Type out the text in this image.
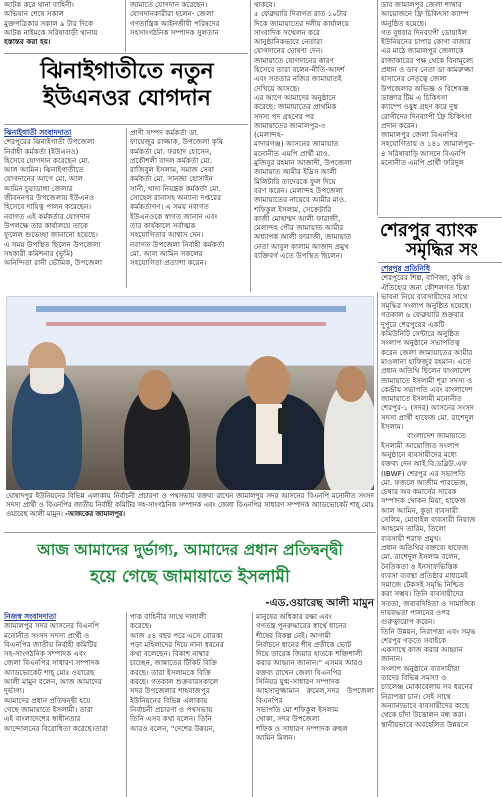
আটক করে থানা বাহিনী।
অভিযান শেষে সকাল
মুক্তপত্রিকার সকাল ৯ টার দিকে
আটক নাইমকে সরিষাবাড়ী থানায়
হস্তান্তর করা হয়।
জামাতে যোগদান করেছেন।
যোগদানকারীরা হলেন- জেলা
গণতান্ত্রিক আইনজীবী পরিষদের
সহসাংগঠনিক সম্পাদক সুলতান
ঝিনাইগাতীতে নতুন ইউএনওর যোগদান
ঝিনাইগাতী সংবাদদাতা
শেরপুরের ঝিনাইগাতী উপজেলা
নির্বাহী কর্মকর্তা (ইউএনও)
হিসেবে যোগদান করেছেন মো.
আল আমিন। ঝিনাইগাতীতে
যোগদানের আগে মো. আল
আমিন চুয়াডাঙ্গা জেলার
জীবননগর উপজেলায় ইউএনও
হিসেবে দায়িত্ব পালন করেছেন।
নবাগত এই কর্মকর্তার যোগদান
উপলক্ষে তার কার্যালয়ে তাকে
ফুলেল শুভেচ্ছা জানানো হয়েছে।
এ সময় উপস্থিত ছিলেন উপজেলা
সহকারী কমিশনার (ভূমি)
অনিন্দিতা রানী ভৌমিক, উপজেলা
প্রাণী সম্পদ কর্মকর্তা ডা.
ফায়েজুর রাজ্জাক, উপজেলা কৃষি
কর্মকর্তা মো. ফরহাদ হোসেন,
প্রকৌশলী বাদল কর্মকর্তা মো.
রাজিবুল ইসলাম, সমাজ সেবা
কর্মকর্তা মো. সানজা হোসাইন
সানী, খাদ্য নিয়ন্ত্রক কর্মকর্তা মো.
সোহেল রানাসহ অন্যান্য দপ্তরের
কর্মকর্তাগণ। এ সময় নবাগত
ইউএনওকে স্বাগত জানান এবং
তার কার্যকালে সর্বাত্মক
সহযোগিতার আশ্বাস দেন।
নবাগত উপজেলা নির্বাহী কর্মকর্তা
মো. আল আমিন সকলের
সহযোগিতা প্রত্যাশা করেন।
থাকবে।
৫ ফেব্রুয়ারি দিবাগত রাত ১০টার
দিকে জামায়াতের দলীয় কার্যালয়ে
সাংবাদিক সম্মেলন করে
আনুষ্ঠানিকভাবে নেতারা
যোগদানের ঘোষণা দেন।
জামায়াতে যোগদানের কারণ
হিসেবে তারা বলেন-নীতি-আদর্শ
এবং সততার নজির জামায়াতই
দেখিয়ে আসছে।
এর আগে আমাদের অনুষ্ঠানে
করেছে: জামায়াতের প্রাথমিক
সদস্য পদ গ্রহণের পর
জামায়াতের জামালপুর-৩
(মেলান্দহ-
মাদারগঞ্জ) আসনের জামায়াত
মনোনীত এমপি প্রার্থী মাও.
মুজিবুর রহমান আজাদী, উপজেলা
জামায়াত আমীর ইদ্রিস আলী
মিলিটারি তাদেরকে ফুল দিয়ে
বরণ করেন। মেলান্দহ উপজেলা
জামায়াতের নায়েবে আমীর মাও.
শফিকুল ইসলাম, সেক্রেটারি
কাজী মোহাম্মদ আলী ফারাজী,
মেলান্দহ পৌর জামায়াত আমীর
অধ্যাপক আলী ফারাজী, জামায়াত
নেতা আবুল কালাম আজাদ প্রমুখ
ব্যক্তিবর্গ এতে উপস্থিত ছিলেন।
ডাব জামালপুর জেলা শাখার
আয়োজনে ফ্রি চিকিৎসা ক্যাম্প
অনুষ্ঠিত হয়েছে।
গত বুধবার দিনব্যাপী ডোয়াইল
ইউনিয়নের চাপার কোণা বাজার
এর মাঠে জামালপুর জেলাকে
রাজাকারের পক্ষ থেকে বিনামূল্যে
প্রধান ও ডাব নেতা ডা কামরুজ্জা
হাসানের নেতৃত্বে জেলা
উপজেলার অভিজ্ঞ ও বিশেষজ্ঞ
ডাক্তার টিম এ চিকিৎসা
ক্যাম্পে ওষুধ গ্রহণ করে দুস্থ
রোগীদের দিনব্যাপী ফ্রি চিকিৎসা
প্রদান করেন।
জামালপুর জেলা বিএনপির
সহযোগিতায় ও ১৪১ জামালপুর-
৪ সরিষাবাড়ি আসনে বিএনপি
মনোনীত এমপি প্রার্থী ফরিদুল
শেরপুর ব্যাংক
সমৃদ্ধির সং
শেরপুর প্রতিনিধি
শেরপুরের শিল্প, বাণিজ্য, কৃষি ও
ঐতিহ্যের জন্য কৌশলগত চিন্তা
ভাবনা নিয়ে ব্যবসায়ীদের সাথে
সমৃদ্ধির সংলাপ অনুষ্ঠিত হয়েছে।
গতকাল ৬ ফেব্রুয়ারি শুক্রবার
দুপুরে শেরপুরের একটি
কমিউনিটি সেন্টারে অনুষ্ঠিত
সংলাপ অনুষ্ঠানে সভাপতিত্ব
করেন জেলা জামায়াতের আমীর
মাওলানা হাফিজুর রহমান। এতে
প্রধান অতিথি ছিলেন বাংলাদেশ
জামায়াতে ইসলামী শূরা সদস্য ও
কেন্দ্রীয় সভাপতি এবং বাংলাদেশ
জামায়াতে ইসলামী মনোনীত
শেরপুর-১ (সদর) আসনের সংসদ
সদস্য প্রার্থী হাফেজ মো. রাশেদুল
ইসলাম।
বাংলাদেশ জামায়াতে
ইসলামী আয়োজিত সংলাপ
অনুষ্ঠানে ব্যবসায়ীদের মধ্যে
বক্তব্য দেন আই.বি.ডব্লিউ.এফ
(IBWF) শেরপুর এর সভাপতি
মো. ফজলে আজীম পারভেজ,
চেম্বার অব কমার্সের সাবেক
সম্পাদক খোকন মিয়া, হাফেজ
আল আমিন, কুড়া ব্যবসায়ী
সেলিম, মোবাইল ব্যবসায়ী নিয়াজ
আহমেদ তারিম, তিলো
ব্যবসায়ী শরাফ প্রমুখ।
প্রধান অতিথির বক্তব্যে হাফেজ
মো. রাশেদুল ইসলাম বলেন,
নৈতিকতা ও ইনসাফভিত্তিক
ব্যবসা ব্যবস্থা প্রতিষ্ঠার মাধ্যমেই
সমাজে টেকসই সমৃদ্ধি নিশ্চিত
করা সম্ভব। তিনি ব্যবসায়ীদের
সততা, জবাবদিহিতা ও সামাজিক
দায়বদ্ধতা পালনের ওপর
গুরুত্বারোপ করেন।
তিনি উন্নয়ন, নিরাপত্তা এবং সমৃদ্ধ
শেরপুর গড়তে সবাইকে
একসাথে কাজ করার আহ্বান
জানান।
সংলাপ অনুষ্ঠানে ব্যবসায়ীরা
তাদের বিভিন্ন সমস্যা ও
চ্যালেঞ্জ মোকাবেলায় সব ধরনের
নিরাপত্তা চান। সেই সাথে
অন্যান্যভাবে ব্যবসায়ীদের কাছে
থেকে চাঁদা উত্তোলন বন্ধ করা।
স্থানীয়ভাবে অবহেলিত উন্নয়নে
ঘোষাদপুর ইউনিয়নের বিভিন্ন এলাকায় নির্বাচনী প্রচারণা ও পথসভায় বক্তব্য রাখেন জামালপুর সদর আসনের বিএনপি মনোনীত সংসদ সদস্য প্রার্থী ও বিএনপির জাতীয় নির্বাহী কমিটির সহ-সাংগঠনিক সম্পাদক এবং জেলা বিএনপির সাধারণ সম্পাদক অ্যাডভোকেট শাহ্ মোঃ ওয়ারেছ আলী মামুন। -আজকের জামালপুর।
আজ আমাদের দুর্ভাগ্য, আমাদের প্রধান প্রতিদ্বন্দ্বী
হয়ে গেছে জামায়াতে ইসলামী
-এড.ওয়ারেছ আলী মামুন
নিজস্ব সংবাদদাতা
জামালপুর সদর আসনের বিএনপি
মনোনীত সংসদ সদস্য প্রার্থী ও
বিএনপির জাতীয় নির্বাহী কমিটির
সহ-সাংগঠনিক সম্পাদক এবং
জেলা বিএনপির সাধারণ সম্পাদক
অ্যাডভোকেট শাহ্ মোঃ ওয়ারেছ
আলী মামুন বলেন, আজ আমাদের
দুর্ভাগ্য।
আমাদের প্রধান প্রতিদ্বন্দ্বী হয়ে
গেছে জামায়াতে ইসলামী। তারা
এই বাংলাদেশের স্বাধীনতার
আন্দোলনের বিরোধিতা করেছে।তারা
পাক বাহিনীর সাথে দালালী
করেছে।
আজ ৫৪ বছর পরে এসে বোরকা
পড়া মহিলাদের দিয়ে নানা ধরনের
কথা বলেছেন। বিকাশ নাম্বার
চাচ্ছেন, জান্নাতের টিকিট বিক্রি
করছে। তারা ইসলামকে বিক্রি
করছে। গতকাল শুক্রবারসকালে
সদর উপজেলার শাহবাজপুর
ইউনিয়নের বিভিন্ন এলাকায়
নির্বাচনী প্রচারণা ও পথসভায়
তিনি এসব কথা বলেন। তিনি
আরও বলেন, "দেশের উন্নয়ন,
মানুষের অধিকার রক্ষা এবং
গণতন্ত্র পুনরুদ্ধারের স্বার্থে ধানের
শীষের বিকল্প নেই। আগামী
নির্বাচনে ধানের শীষ প্রতীকে ভোট
দিয়ে তারেক জিয়ার হাতকে শক্তিশালী
করার আহ্বান জানান।" এসময় আরও
বক্তব্য রাখেন জেলা বিএনপির
সিনিয়র যুগ্ম-সাধারণ সম্পাদক
আহসানুজ্জামান রুমেল,সদর উপজেলা বিএনপির
সভাপতি মো শফিকুল ইসলাম
খোকা, সদর উপজেলা
শফিক ও সাধারণ সম্পাদক রুহুল
আমিন মিলন।
